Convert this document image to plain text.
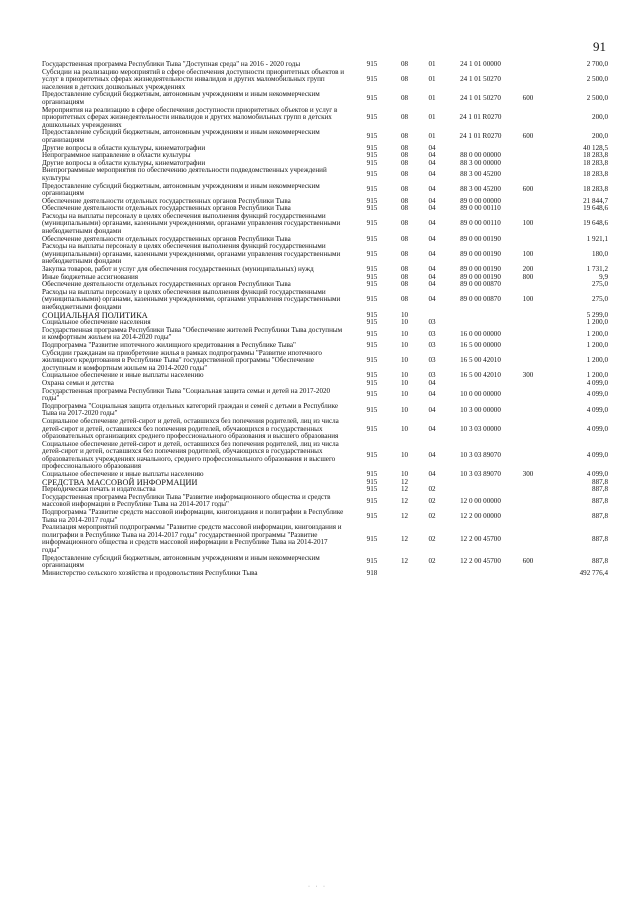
91
Государственная программа Республики Тыва "Доступная среда" на 2016 - 2020 годы	915	08	01	24 1 01 00000		2 700,0
Субсидии на реализацию мероприятий в сфере обеспечения доступности приоритетных объектов и услуг в приоритетных сферах жизнедеятельности инвалидов и других маломобильных групп населения в детских дошкольных учреждениях	915	08	01	24 1 01 50270		2 500,0
Предоставление субсидий бюджетным, автономным учреждениям и иным некоммерческим организациям	915	08	01	24 1 01 50270	600	2 500,0
Мероприятия на реализацию в сфере обеспечения доступности приоритетных объектов и услуг в приоритетных сферах жизнедеятельности инвалидов и других маломобильных групп в детских дошкольных учреждениях	915	08	01	24 1 01 R0270		200,0
Предоставление субсидий бюджетным, автономным учреждениям и иным некоммерческим организациям	915	08	01	24 1 01 R0270	600	200,0
Другие вопросы в области культуры, кинематографии	915	08	04			40 128,5
Непрограммное направление в области культуры	915	08	04	88 0 00 00000		18 283,8
Другие вопросы в области культуры, кинематографии	915	08	04	88 3 00 00000		18 283,8
Внепрограммные мероприятия по обеспечению деятельности подведомственных учреждений культуры	915	08	04	88 3 00 45200		18 283,8
Предоставление субсидий бюджетным, автономным учреждениям и иным некоммерческим организациям	915	08	04	88 3 00 45200	600	18 283,8
Обеспечение деятельности отдельных государственных органов Республики Тыва	915	08	04	89 0 00 00000		21 844,7
Обеспечение деятельности отдельных государственных органов Республики Тыва	915	08	04	89 0 00 00110		19 648,6
Расходы на выплаты персоналу в целях обеспечения выполнения функций государственными (муниципальными) органами, казенными учреждениями, органами управления государственными внебюджетными фондами	915	08	04	89 0 00 00110	100	19 648,6
Обеспечение деятельности отдельных государственных органов Республики Тыва	915	08	04	89 0 00 00190		1 921,1
Расходы на выплаты персоналу в целях обеспечения выполнения функций государственными (муниципальными) органами, казенными учреждениями, органами управления государственными внебюджетными фондами	915	08	04	89 0 00 00190	100	180,0
Закупка товаров, работ и услуг для обеспечения государственных (муниципальных) нужд	915	08	04	89 0 00 00190	200	1 731,2
Иные бюджетные ассигнования	915	08	04	89 0 00 00190	800	9,9
Обеспечение деятельности отдельных государственных органов Республики Тыва	915	08	04	89 0 00 00870		275,0
Расходы на выплаты персоналу в целях обеспечения выполнения функций государственными (муниципальными) органами, казенными учреждениями, органами управления государственными внебюджетными фондами	915	08	04	89 0 00 00870	100	275,0
СОЦИАЛЬНАЯ ПОЛИТИКА	915	10				5 299,0
Социальное обеспечение населения	915	10	03			1 200,0
Государственная программа Республики Тыва "Обеспечение жителей Республики Тыва доступным и комфортным жильем на 2014-2020 годы"	915	10	03	16 0 00 00000		1 200,0
Подпрограмма "Развитие ипотечного жилищного кредитования в Республике Тыва"	915	10	03	16 5 00 00000		1 200,0
Субсидии гражданам на приобретение жилья в рамках подпрограммы "Развитие ипотечного жилищного кредитования в Республике Тыва" государственной программы "Обеспечение доступным и комфортным жильем на 2014-2020 годы"	915	10	03	16 5 00 42010		1 200,0
Социальное обеспечение и иные выплаты населению	915	10	03	16 5 00 42010	300	1 200,0
Охрана семьи и детства	915	10	04			4 099,0
Государственная программа Республики Тыва "Социальная защита семьи и детей на 2017-2020 годы"	915	10	04	10 0 00 00000		4 099,0
Подпрограмма "Социальная защита отдельных категорий граждан и семей с детьми в Республике Тыва на 2017-2020 годы"	915	10	04	10 3 00 00000		4 099,0
Социальное обеспечение детей-сирот и детей, оставшихся без попечения родителей, лиц из числа детей-сирот и детей, оставшихся без попечения родителей, обучающихся в государственных образовательных организациях среднего профессионального образования и высшего образования	915	10	04	10 3 03 00000		4 099,0
Социальное обеспечение детей-сирот и детей, оставшихся без попечения родителей, лиц из числа детей-сирот и детей, оставшихся без попечения родителей, обучающихся в государственных образовательных учреждениях начального, среднего профессионального образования и высшего профессионального образования	915	10	04	10 3 03 89070		4 099,0
Социальное обеспечение и иные выплаты населению	915	10	04	10 3 03 89070	300	4 099,0
СРЕДСТВА МАССОВОЙ ИНФОРМАЦИИ	915	12				887,8
Периодическая печать и издательства	915	12	02			887,8
Государственная программа Республики Тыва "Развитие информационного общества и средств массовой информации в Республике Тыва на 2014-2017 годы"	915	12	02	12 0 00 00000		887,8
Подпрограмма "Развитие средств массовой информации, книгоиздания и полиграфии в Республике Тыва на 2014-2017 годы"	915	12	02	12 2 00 00000		887,8
Реализация мероприятий подпрограммы "Развитие средств массовой информации, книгоиздания и полиграфии в Республике Тыва на 2014-2017 годы" государственной программы "Развитие информационного общества и средств массовой информации в Республике Тыва на 2014-2017 годы"	915	12	02	12 2 00 45700		887,8
Предоставление субсидий бюджетным, автономным учреждениям и иным некоммерческим организациям	915	12	02	12 2 00 45700	600	887,8
Министерство сельского хозяйства и продовольствия Республики Тыва	918					492 776,4
· · ·
